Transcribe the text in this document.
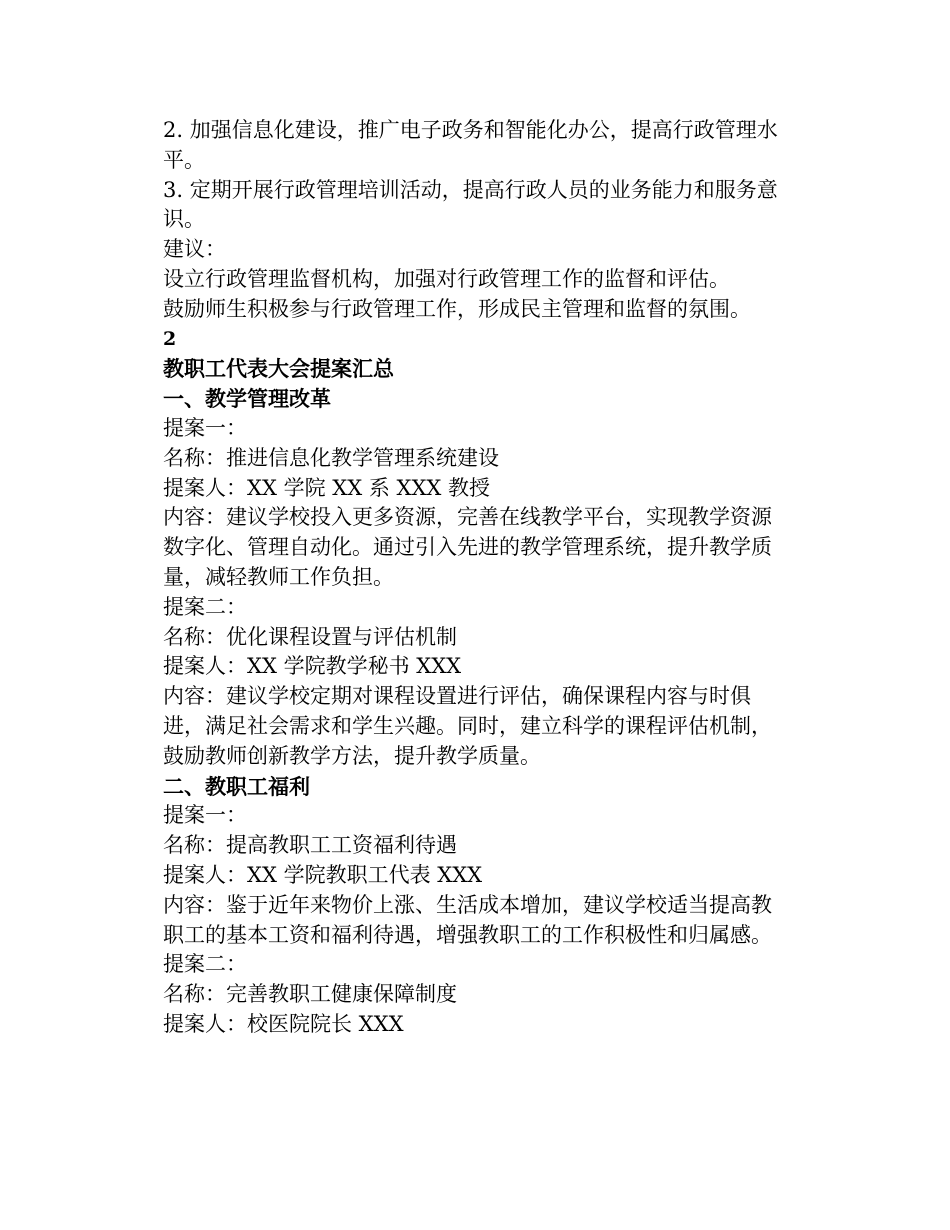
2. 加强信息化建设，推广电子政务和智能化办公，提高行政管理水平。

3. 定期开展行政管理培训活动，提高行政人员的业务能力和服务意识。

建议：

设立行政管理监督机构，加强对行政管理工作的监督和评估。

鼓励师生积极参与行政管理工作，形成民主管理和监督的氛围。

2

教职工代表大会提案汇总

一、教学管理改革

提案一：

名称：推进信息化教学管理系统建设

提案人：XX 学院 XX 系 XXX 教授

内容：建议学校投入更多资源，完善在线教学平台，实现教学资源数字化、管理自动化。通过引入先进的教学管理系统，提升教学质量，减轻教师工作负担。

提案二：

名称：优化课程设置与评估机制

提案人：XX 学院教学秘书 XXX

内容：建议学校定期对课程设置进行评估，确保课程内容与时俱进，满足社会需求和学生兴趣。同时，建立科学的课程评估机制，鼓励教师创新教学方法，提升教学质量。

二、教职工福利

提案一：

名称：提高教职工工资福利待遇

提案人：XX 学院教职工代表 XXX

内容：鉴于近年来物价上涨、生活成本增加，建议学校适当提高教职工的基本工资和福利待遇，增强教职工的工作积极性和归属感。

提案二：

名称：完善教职工健康保障制度

提案人：校医院院长 XXX
